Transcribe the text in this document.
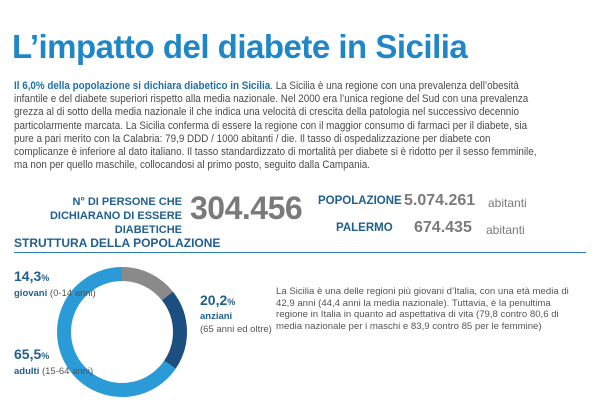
L’impatto del diabete in Sicilia
Il 6,0% della popolazione si dichiara diabetico in Sicilia. La Sicilia è una regione con una prevalenza dell’obesità infantile e del diabete superiori rispetto alla media nazionale. Nel 2000 era l’unica regione del Sud con una prevalenza grezza al di sotto della media nazionale il che indica una velocità di crescita della patologia nel successivo decennio particolarmente marcata. La Sicilia conferma di essere la regione con il maggior consumo di farmaci per il diabete, sia pure a pari merito con la Calabria: 79,9 DDD / 1000 abitanti / die. Il tasso di ospedalizzazione per diabete con complicanze è inferiore al dato italiano. Il tasso standardizzato di mortalità per diabete si è ridotto per il sesso femminile, ma non per quello maschile, collocandosi al primo posto, seguito dalla Campania.
N° DI PERSONE CHE DICHIARANO DI ESSERE DIABETICHE
304.456 POPOLAZIONE 5.074.261 abitanti
PALERMO 674.435 abitanti
STRUTTURA DELLA POPOLAZIONE
14,3%
giovani (0-14 anni)	20,2%
anziani
(65 anni ed oltre)
65,5%
adulti (15-64 anni)
La Sicilia è una delle regioni più giovani d’Italia, con una età media di 42,9 anni (44,4 anni la media nazionale). Tuttavia, è la penultima regione in Italia in quanto ad aspettativa di vita (79,8 contro 80,6 di media nazionale per i maschi e 83,9 contro 85 per le femmine)
